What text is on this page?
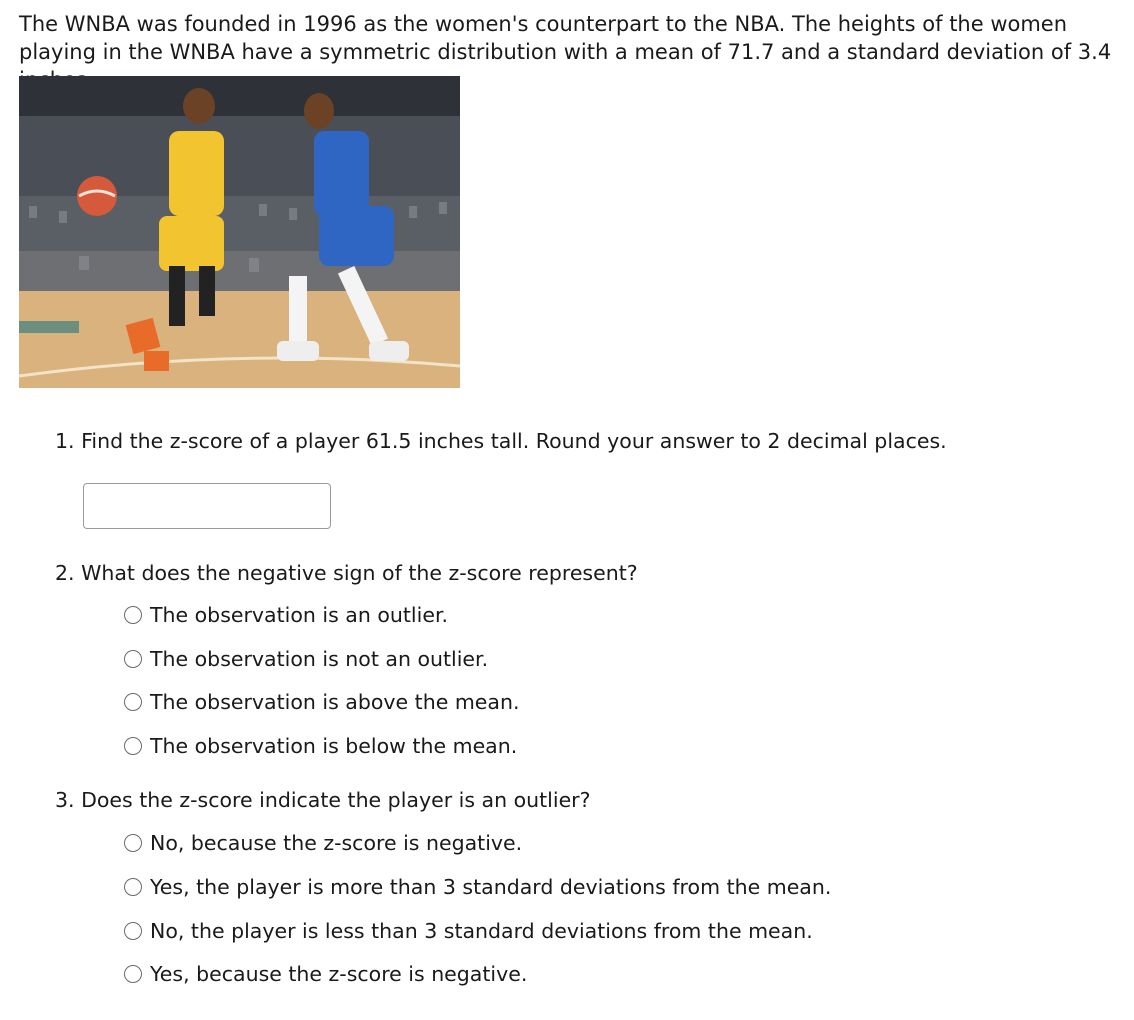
The WNBA was founded in 1996 as the women's counterpart to the NBA. The heights of the women playing in the WNBA have a symmetric distribution with a mean of 71.7 and a standard deviation of 3.4

1. Find the z-score of a player 61.5 inches tall. Round your answer to 2 decimal places.

2. What does the negative sign of the z-score represent?

The observation is an outlier.
The observation is not an outlier.
The observation is above the mean.
The observation is below the mean.

3. Does the z-score indicate the player is an outlier?

No, because the z-score is negative.
Yes, the player is more than 3 standard deviations from the mean.
No, the player is less than 3 standard deviations from the mean.
Yes, because the z-score is negative.
